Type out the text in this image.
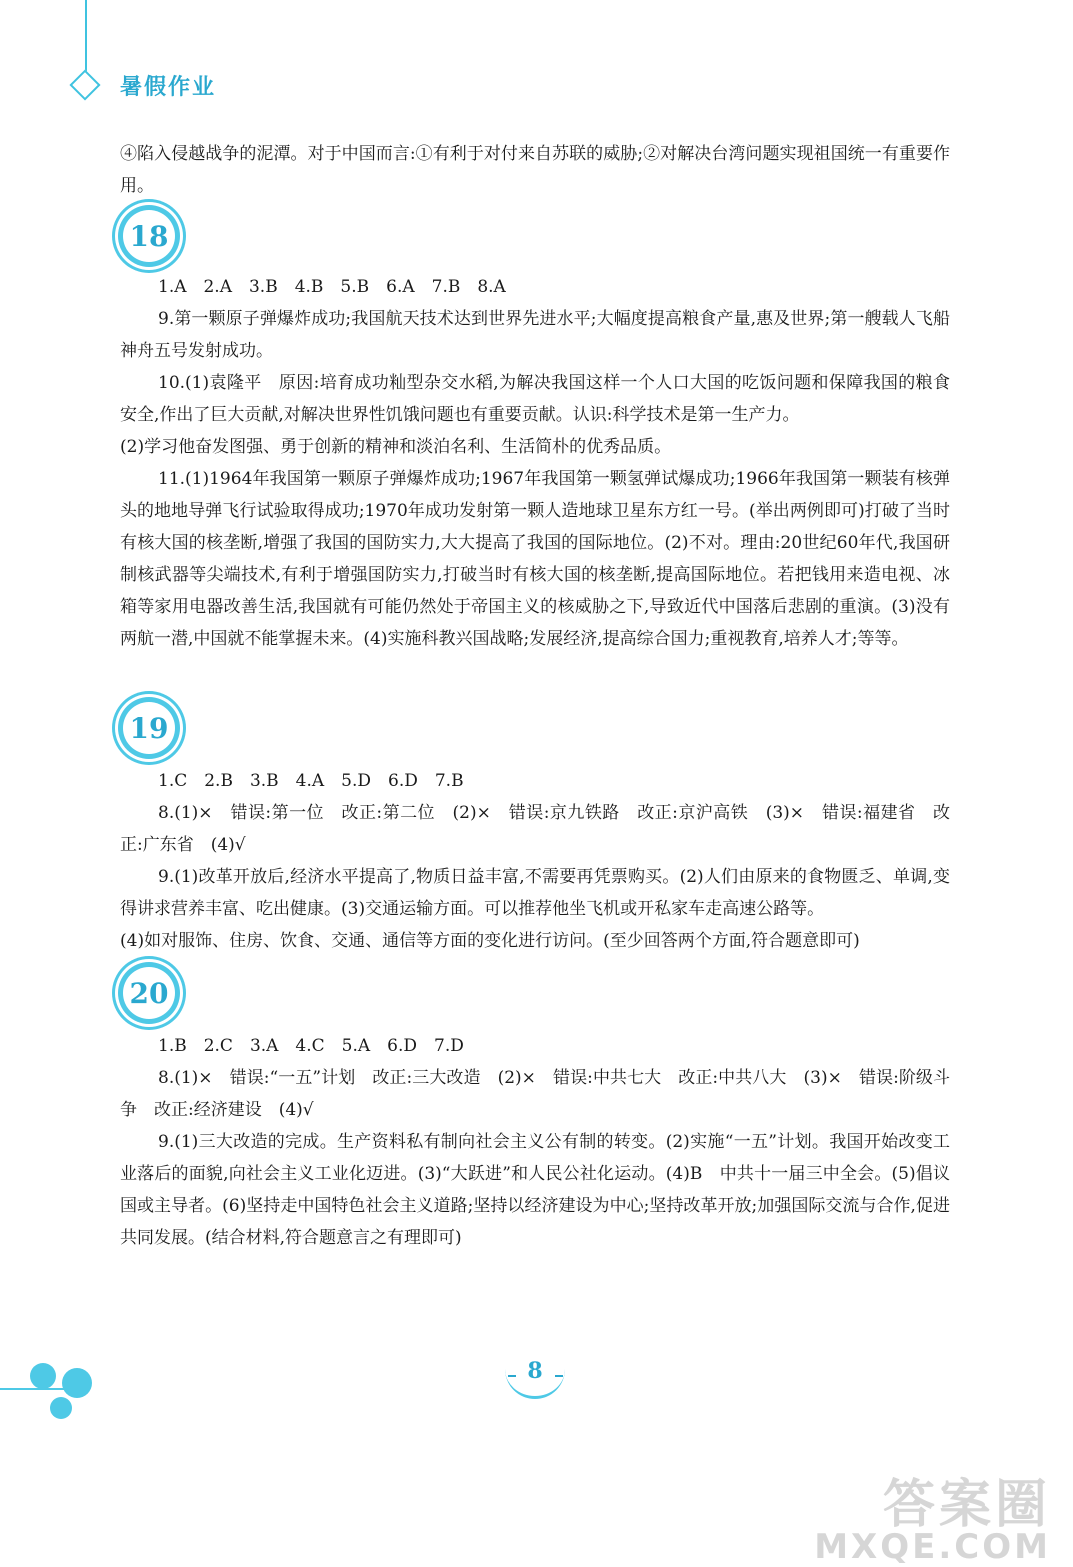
暑假作业

④陷入侵越战争的泥潭。对于中国而言:①有利于对付来自苏联的威胁;②对解决台湾问题实现祖国统一有重要作用。

18

1.A　2.A　3.B　4.B　5.B　6.A　7.B　8.A

9.第一颗原子弹爆炸成功;我国航天技术达到世界先进水平;大幅度提高粮食产量,惠及世界;第一艘载人飞船神舟五号发射成功。

10.(1)袁隆平　原因:培育成功籼型杂交水稻,为解决我国这样一个人口大国的吃饭问题和保障我国的粮食安全,作出了巨大贡献,对解决世界性饥饿问题也有重要贡献。认识:科学技术是第一生产力。

(2)学习他奋发图强、勇于创新的精神和淡泊名利、生活简朴的优秀品质。

11.(1)1964年我国第一颗原子弹爆炸成功;1967年我国第一颗氢弹试爆成功;1966年我国第一颗装有核弹头的地地导弹飞行试验取得成功;1970年成功发射第一颗人造地球卫星东方红一号。(举出两例即可)打破了当时有核大国的核垄断,增强了我国的国防实力,大大提高了我国的国际地位。(2)不对。理由:20世纪60年代,我国研制核武器等尖端技术,有利于增强国防实力,打破当时有核大国的核垄断,提高国际地位。若把钱用来造电视、冰箱等家用电器改善生活,我国就有可能仍然处于帝国主义的核威胁之下,导致近代中国落后悲剧的重演。(3)没有两航一潜,中国就不能掌握未来。(4)实施科教兴国战略;发展经济,提高综合国力;重视教育,培养人才;等等。

19

1.C　2.B　3.B　4.A　5.D　6.D　7.B

8.(1)×　错误:第一位　改正:第二位　(2)×　错误:京九铁路　改正:京沪高铁　(3)×　错误:福建省　改正:广东省　(4)√

9.(1)改革开放后,经济水平提高了,物质日益丰富,不需要再凭票购买。(2)人们由原来的食物匮乏、单调,变得讲求营养丰富、吃出健康。(3)交通运输方面。可以推荐他坐飞机或开私家车走高速公路等。

(4)如对服饰、住房、饮食、交通、通信等方面的变化进行访问。(至少回答两个方面,符合题意即可)

20

1.B　2.C　3.A　4.C　5.A　6.D　7.D

8.(1)×　错误:“一五”计划　改正:三大改造　(2)×　错误:中共七大　改正:中共八大　(3)×　错误:阶级斗争　改正:经济建设　(4)√

9.(1)三大改造的完成。生产资料私有制向社会主义公有制的转变。(2)实施“一五”计划。我国开始改变工业落后的面貌,向社会主义工业化迈进。(3)“大跃进”和人民公社化运动。(4)B　中共十一届三中全会。(5)倡议国或主导者。(6)坚持走中国特色社会主义道路;坚持以经济建设为中心;坚持改革开放;加强国际交流与合作,促进共同发展。(结合材料,符合题意言之有理即可)

8
答案圈
MXQE.COM
